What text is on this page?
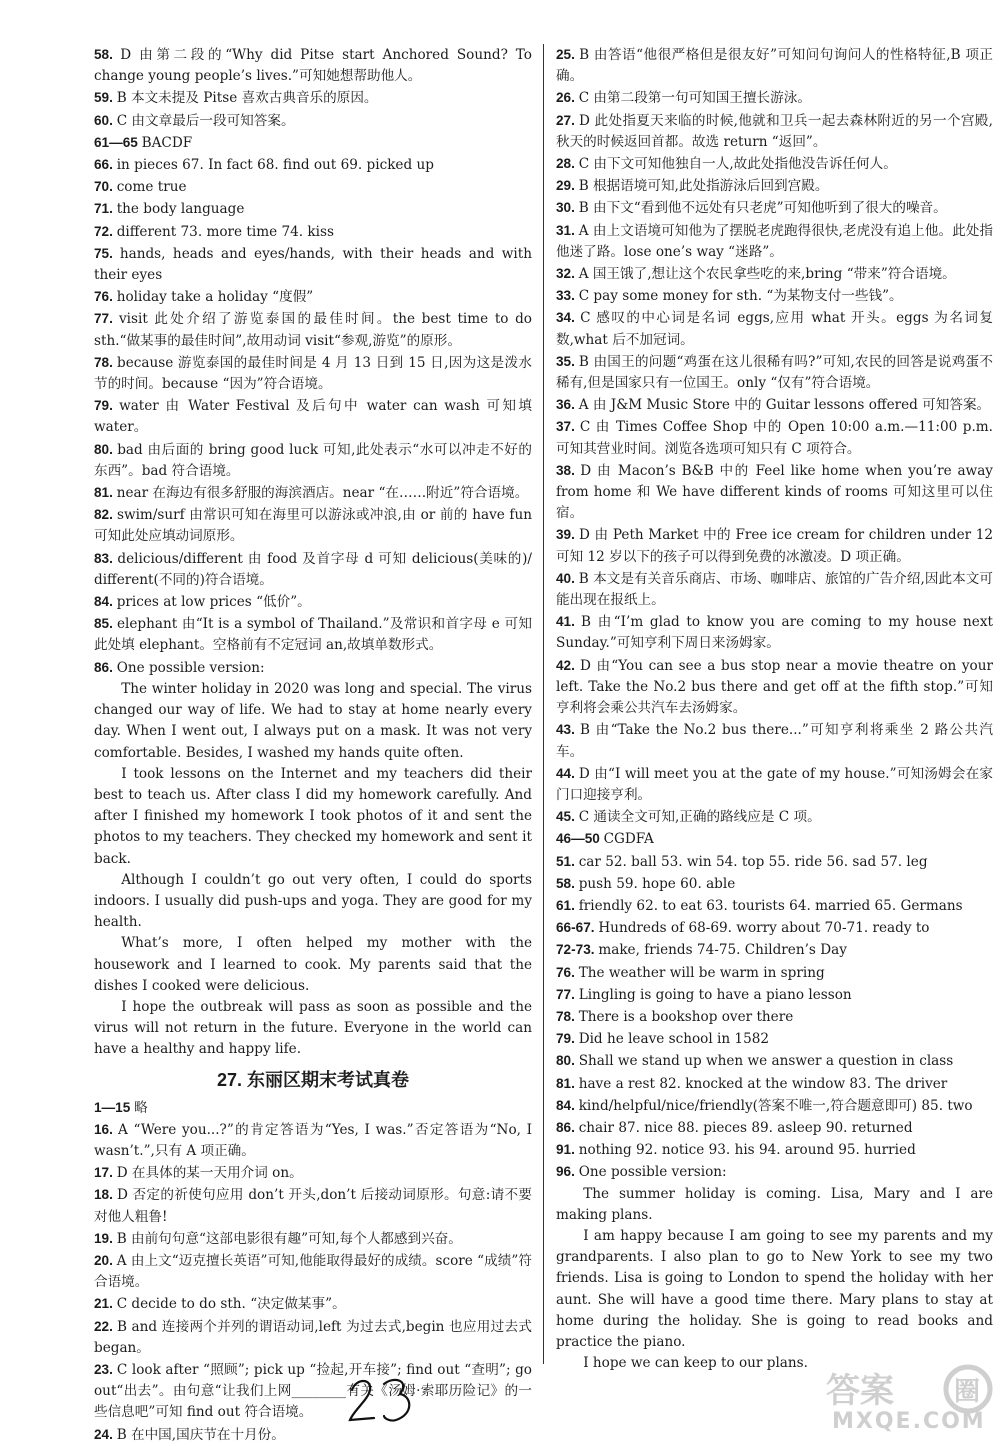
58. D 由第二段的“Why did Pitse start Anchored Sound? To change young people’s lives.”可知她想帮助他人。

59. B 本文未提及 Pitse 喜欢古典音乐的原因。

60. C 由文章最后一段可知答案。

61—65 BACDF

66. in pieces 67. In fact 68. find out 69. picked up

70. come true

71. the body language

72. different 73. more time 74. kiss

75. hands, heads and eyes/hands, with their heads and with their eyes

76. holiday take a holiday “度假”

77. visit 此处介绍了游览泰国的最佳时间。the best time to do sth.“做某事的最佳时间”,故用动词 visit“参观,游览”的原形。

78. because 游览泰国的最佳时间是 4 月 13 日到 15 日,因为这是泼水节的时间。because “因为”符合语境。

79. water 由 Water Festival 及后句中 water can wash 可知填 water。

80. bad 由后面的 bring good luck 可知,此处表示“水可以冲走不好的东西”。bad 符合语境。

81. near 在海边有很多舒服的海滨酒店。near “在……附近”符合语境。

82. swim/surf 由常识可知在海里可以游泳或冲浪,由 or 前的 have fun 可知此处应填动词原形。

83. delicious/different 由 food 及首字母 d 可知 delicious(美味的)/ different(不同的)符合语境。

84. prices at low prices “低价”。

85. elephant 由“It is a symbol of Thailand.”及常识和首字母 e 可知此处填 elephant。空格前有不定冠词 an,故填单数形式。

86. One possible version:

The winter holiday in 2020 was long and special. The virus changed our way of life. We had to stay at home nearly every day. When I went out, I always put on a mask. It was not very comfortable. Besides, I washed my hands quite often.

I took lessons on the Internet and my teachers did their best to teach us. After class I did my homework carefully. And after I finished my homework I took photos of it and sent the photos to my teachers. They checked my homework and sent it back.

Although I couldn’t go out very often, I could do sports indoors. I usually did push-ups and yoga. They are good for my health.

What’s more, I often helped my mother with the housework and I learned to cook. My parents said that the dishes I cooked were delicious.

I hope the outbreak will pass as soon as possible and the virus will not return in the future. Everyone in the world can have a healthy and happy life.

27. 东丽区期末考试真卷

1—15 略

16. A “Were you...?”的肯定答语为“Yes, I was.”否定答语为“No, I wasn’t.”,只有 A 项正确。

17. D 在具体的某一天用介词 on。

18. D 否定的祈使句应用 don’t 开头,don’t 后接动词原形。句意:请不要对他人粗鲁!

19. B 由前句句意“这部电影很有趣”可知,每个人都感到兴奋。

20. A 由上文“迈克擅长英语”可知,他能取得最好的成绩。score “成绩”符合语境。

21. C decide to do sth. “决定做某事”。

22. B and 连接两个并列的谓语动词,left 为过去式,begin 也应用过去式 began。

23. C look after “照顾”; pick up “捡起,开车接”; find out “查明”; go out“出去”。由句意“让我们上网________有关《汤姆·索耶历险记》的一些信息吧”可知 find out 符合语境。

24. B 在中国,国庆节在十月份。

25. B 由答语“他很严格但是很友好”可知问句询问人的性格特征,B 项正确。

26. C 由第二段第一句可知国王擅长游泳。

27. D 此处指夏天来临的时候,他就和卫兵一起去森林附近的另一个宫殿,秋天的时候返回首都。故选 return “返回”。

28. C 由下文可知他独自一人,故此处指他没告诉任何人。

29. B 根据语境可知,此处指游泳后回到宫殿。

30. B 由下文“看到他不远处有只老虎”可知他听到了很大的噪音。

31. A 由上文语境可知他为了摆脱老虎跑得很快,老虎没有追上他。此处指他迷了路。lose one’s way “迷路”。

32. A 国王饿了,想让这个农民拿些吃的来,bring “带来”符合语境。

33. C pay some money for sth. “为某物支付一些钱”。

34. C 感叹的中心词是名词 eggs,应用 what 开头。eggs 为名词复数,what 后不加冠词。

35. B 由国王的问题“鸡蛋在这儿很稀有吗?”可知,农民的回答是说鸡蛋不稀有,但是国家只有一位国王。only “仅有”符合语境。

36. A 由 J&M Music Store 中的 Guitar lessons offered 可知答案。

37. C 由 Times Coffee Shop 中的 Open 10:00 a.m.—11:00 p.m. 可知其营业时间。浏览各选项可知只有 C 项符合。

38. D 由 Macon’s B&B 中的 Feel like home when you’re away from home 和 We have different kinds of rooms 可知这里可以住宿。

39. D 由 Peth Market 中的 Free ice cream for children under 12 可知 12 岁以下的孩子可以得到免费的冰激凌。D 项正确。

40. B 本文是有关音乐商店、市场、咖啡店、旅馆的广告介绍,因此本文可能出现在报纸上。

41. B 由“I’m glad to know you are coming to my house next Sunday.”可知亨利下周日来汤姆家。

42. D 由“You can see a bus stop near a movie theatre on your left. Take the No.2 bus there and get off at the fifth stop.”可知亨利将会乘公共汽车去汤姆家。

43. B 由“Take the No.2 bus there...”可知亨利将乘坐 2 路公共汽车。

44. D 由“I will meet you at the gate of my house.”可知汤姆会在家门口迎接亨利。

45. C 通读全文可知,正确的路线应是 C 项。

46—50 CGDFA

51. car 52. ball 53. win 54. top 55. ride 56. sad 57. leg

58. push 59. hope 60. able

61. friendly 62. to eat 63. tourists 64. married 65. Germans

66-67. Hundreds of 68-69. worry about 70-71. ready to

72-73. make, friends 74-75. Children’s Day

76. The weather will be warm in spring

77. Lingling is going to have a piano lesson

78. There is a bookshop over there

79. Did he leave school in 1582

80. Shall we stand up when we answer a question in class

81. have a rest 82. knocked at the window 83. The driver

84. kind/helpful/nice/friendly(答案不唯一,符合题意即可) 85. two

86. chair 87. nice 88. pieces 89. asleep 90. returned

91. nothing 92. notice 93. his 94. around 95. hurried

96. One possible version:

The summer holiday is coming. Lisa, Mary and I are making plans.

I am happy because I am going to see my parents and my grandparents. I also plan to go to New York to see my two friends. Lisa is going to London to spend the holiday with her aunt. She will have a good time there. Mary plans to stay at home during the holiday. She is going to read books and practice the piano.

I hope we can keep to our plans.

答案 圈
MXQE.COM
